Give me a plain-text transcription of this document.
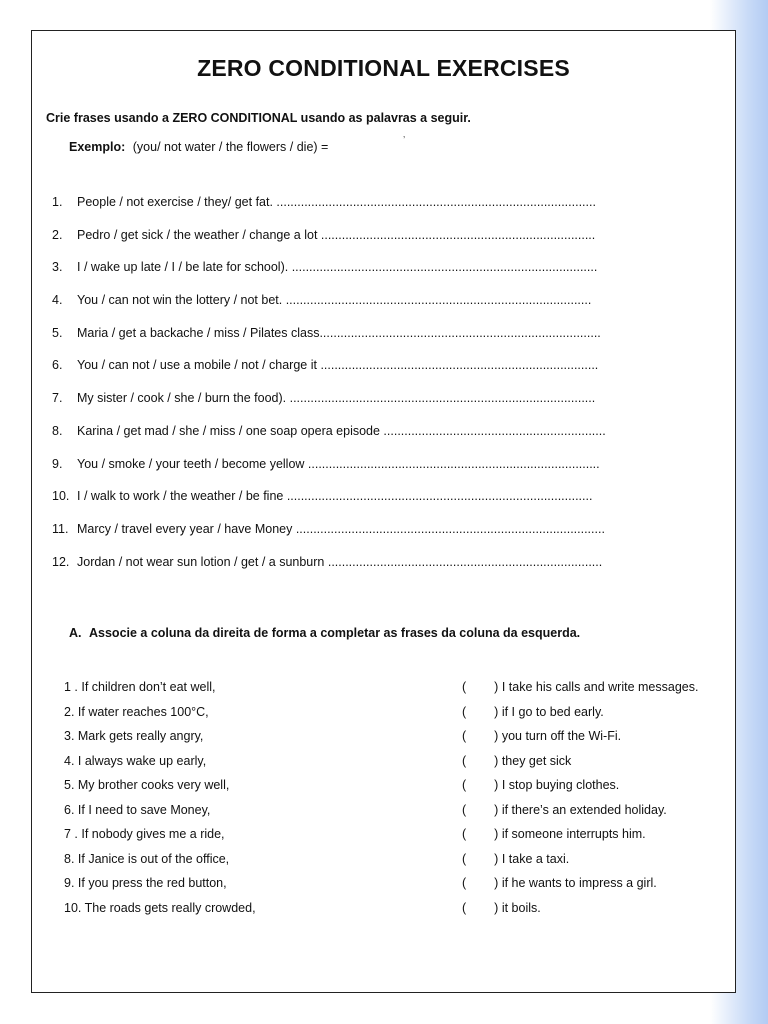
ZERO CONDITIONAL EXERCISES
Crie frases usando a ZERO CONDITIONAL usando as palavras a seguir.
Exemplo: (you/ not water / the flowers / die) =	’
1. People / not exercise / they/ get fat. ............................................................................................
2. Pedro / get sick / the weather / change a lot ...............................................................................
3. I / wake up late / I / be late for school). ........................................................................................
4. You / can not win the lottery / not bet. ........................................................................................
5. Maria / get a backache / miss / Pilates class.................................................................................
6. You / can not / use a mobile / not / charge it ................................................................................
7. My sister / cook / she / burn the food). ........................................................................................
8. Karina / get mad / she / miss / one soap opera episode ................................................................
9. You / smoke / your teeth / become yellow ....................................................................................
10. I / walk to work / the weather / be fine ........................................................................................
11. Marcy / travel every year / have Money .........................................................................................
12. Jordan / not wear sun lotion / get / a sunburn ...............................................................................
A. Associe a coluna da direita de forma a completar as frases da coluna da esquerda.
1 . If children don’t eat well,
2. If water reaches 100°C,
3. Mark gets really angry,
4. I always wake up early,
5. My brother cooks very well,
6. If I need to save Money,
7 . If nobody gives me a ride,
8. If Janice is out of the office,
9. If you press the red button,
10. The roads gets really crowded,
( ) I take his calls and write messages.
( ) if I go to bed early.
( ) you turn off the Wi-Fi.
( ) they get sick
( ) I stop buying clothes.
( ) if there’s an extended holiday.
( ) if someone interrupts him.
( ) I take a taxi.
( ) if he wants to impress a girl.
( ) it boils.
